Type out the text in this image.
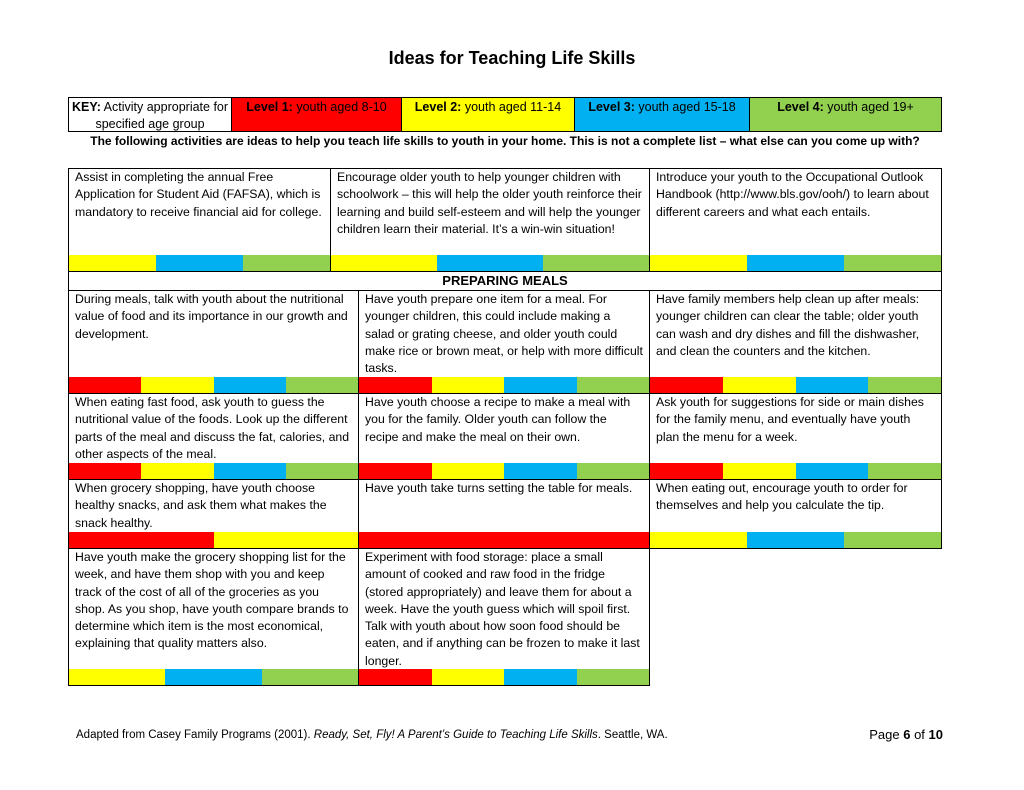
Ideas for Teaching Life Skills
KEY: Activity appropriate for specified age group
Level 1: youth aged 8-10	Level 2: youth aged 11-14	Level 3: youth aged 15-18	Level 4: youth aged 19+
The following activities are ideas to help you teach life skills to youth in your home. This is not a complete list – what else can you come up with?
Assist in completing the annual Free Application for Student Aid (FAFSA), which is mandatory to receive financial aid for college.
Encourage older youth to help younger children with schoolwork – this will help the older youth reinforce their learning and build self-esteem and will help the younger children learn their material. It’s a win-win situation!
Introduce your youth to the Occupational Outlook Handbook (http://www.bls.gov/ooh/) to learn about different careers and what each entails.
PREPARING MEALS
During meals, talk with youth about the nutritional value of food and its importance in our growth and development.
Have youth prepare one item for a meal. For younger children, this could include making a salad or grating cheese, and older youth could make rice or brown meat, or help with more difficult tasks.
Have family members help clean up after meals: younger children can clear the table; older youth can wash and dry dishes and fill the dishwasher, and clean the counters and the kitchen.
When eating fast food, ask youth to guess the nutritional value of the foods. Look up the different parts of the meal and discuss the fat, calories, and other aspects of the meal.
Have youth choose a recipe to make a meal with you for the family. Older youth can follow the recipe and make the meal on their own.
Ask youth for suggestions for side or main dishes for the family menu, and eventually have youth plan the menu for a week.
When grocery shopping, have youth choose healthy snacks, and ask them what makes the snack healthy.
Have youth take turns setting the table for meals.	When eating out, encourage youth to order for themselves and help you calculate the tip.
Have youth make the grocery shopping list for the week, and have them shop with you and keep track of the cost of all of the groceries as you shop. As you shop, have youth compare brands to determine which item is the most economical, explaining that quality matters also.
Experiment with food storage: place a small amount of cooked and raw food in the fridge (stored appropriately) and leave them for about a week. Have the youth guess which will spoil first. Talk with youth about how soon food should be eaten, and if anything can be frozen to make it last longer.
Adapted from Casey Family Programs (2001). Ready, Set, Fly! A Parent’s Guide to Teaching Life Skills. Seattle, WA.	Page 6 of 10
